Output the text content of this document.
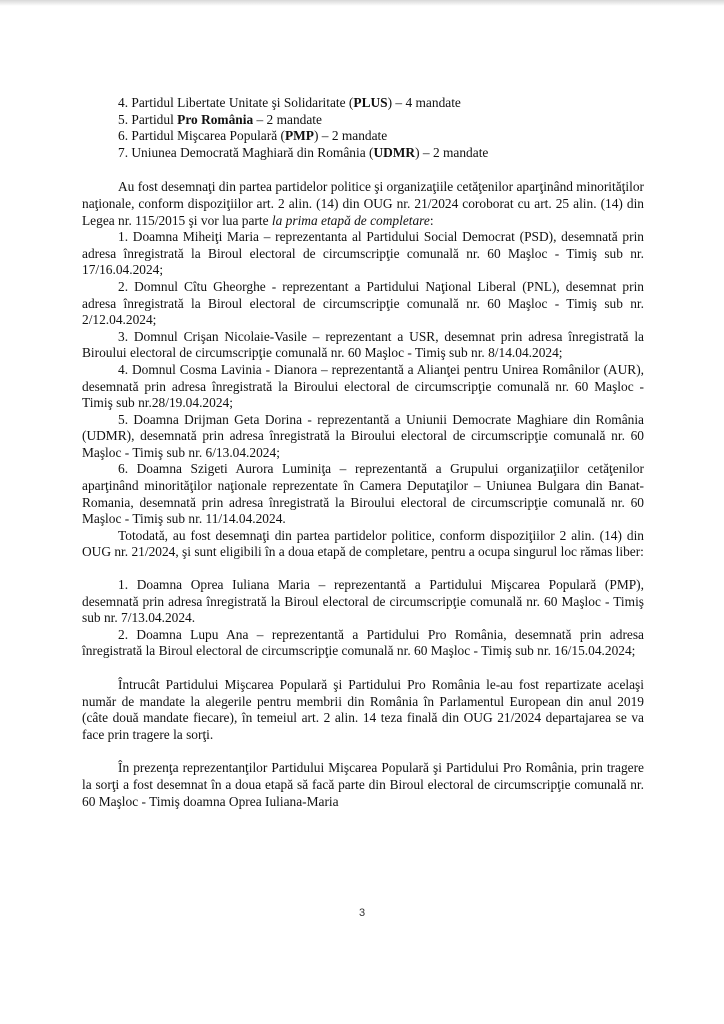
4. Partidul Libertate Unitate şi Solidaritate (PLUS) – 4 mandate
5. Partidul Pro România – 2 mandate
6. Partidul Mişcarea Populară (PMP) – 2 mandate
7. Uniunea Democrată Maghiară din România (UDMR) – 2 mandate

Au fost desemnaţi din partea partidelor politice şi organizaţiile cetăţenilor aparţinând minorităţilor naţionale, conform dispoziţiilor art. 2 alin. (14) din OUG nr. 21/2024 coroborat cu art. 25 alin. (14) din Legea nr. 115/2015 şi vor lua parte la prima etapă de completare:

1. Doamna Miheiţi Maria – reprezentanta al Partidului Social Democrat (PSD), desemnată prin adresa înregistrată la Biroul electoral de circumscripţie comunală nr. 60 Maşloc - Timiş sub nr. 17/16.04.2024;

2. Domnul Cîtu Gheorghe - reprezentant a Partidului Naţional Liberal (PNL), desemnat prin adresa înregistrată la Biroul electoral de circumscripţie comunală nr. 60 Maşloc - Timiş sub nr. 2/12.04.2024;

3. Domnul Crişan Nicolaie-Vasile – reprezentant a USR, desemnat prin adresa înregistrată la Biroului electoral de circumscripţie comunală nr. 60 Maşloc - Timiş sub nr. 8/14.04.2024;

4. Domnul Cosma Lavinia - Dianora – reprezentantă a Alianţei pentru Unirea Românilor (AUR), desemnată prin adresa înregistrată la Biroului electoral de circumscripţie comunală nr. 60 Maşloc - Timiş sub nr.28/19.04.2024;

5. Doamna Drijman Geta Dorina - reprezentantă a Uniunii Democrate Maghiare din România (UDMR), desemnată prin adresa înregistrată la Biroului electoral de circumscripţie comunală nr. 60 Maşloc - Timiş sub nr. 6/13.04.2024;

6. Doamna Szigeti Aurora Luminiţa – reprezentantă a Grupului organizaţiilor cetăţenilor aparţinând minorităţilor naţionale reprezentate în Camera Deputaţilor – Uniunea Bulgara din Banat-Romania, desemnată prin adresa înregistrată la Biroului electoral de circumscripţie comunală nr. 60 Maşloc - Timiş sub nr. 11/14.04.2024.

Totodată, au fost desemnaţi din partea partidelor politice, conform dispoziţiilor 2 alin. (14) din OUG nr. 21/2024, şi sunt eligibili în a doua etapă de completare, pentru a ocupa singurul loc rămas liber:

1. Doamna Oprea Iuliana Maria – reprezentantă a Partidului Mişcarea Populară (PMP), desemnată prin adresa înregistrată la Biroul electoral de circumscripţie comunală nr. 60 Maşloc - Timiş sub nr. 7/13.04.2024.

2. Doamna Lupu Ana – reprezentantă a Partidului Pro România, desemnată prin adresa înregistrată la Biroul electoral de circumscripţie comunală nr. 60 Maşloc - Timiş sub nr. 16/15.04.2024;

Întrucât Partidului Mişcarea Populară şi Partidului Pro România le-au fost repartizate acelaşi număr de mandate la alegerile pentru membrii din România în Parlamentul European din anul 2019 (câte două mandate fiecare), în temeiul art. 2 alin. 14 teza finală din OUG 21/2024 departajarea se va face prin tragere la sorţi.

În prezenţa reprezentanţilor Partidului Mişcarea Populară şi Partidului Pro România, prin tragere la sorţi a fost desemnat în a doua etapă să facă parte din Biroul electoral de circumscripţie comunală nr. 60 Maşloc - Timiş doamna Oprea Iuliana-Maria

3
